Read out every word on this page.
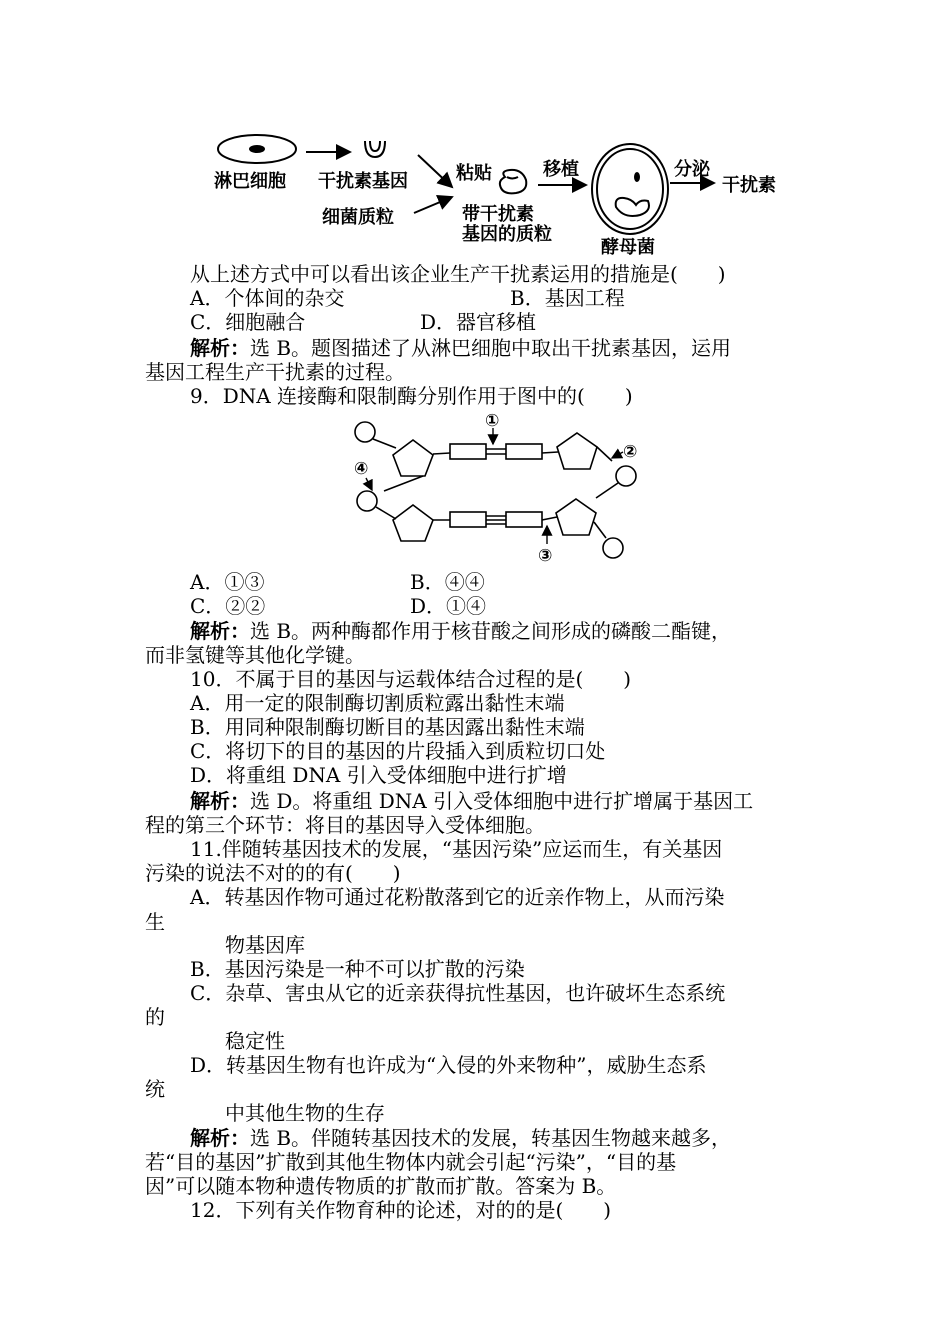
淋巴细胞 干扰素基因
细菌质粒
粘贴
带干扰素
基因的质粒
移植
酵母菌
分泌
干扰素
从上述方式中可以看出该企业生产干扰素运用的措施是(　　)
A．个体间的杂交	B．基因工程
C．细胞融合	D．器官移植
解析：选 B。题图描述了从淋巴细胞中取出干扰素基因，运用
基因工程生产干扰素的过程。
9．DNA 连接酶和限制酶分别作用于图中的(　　)
①
②
③
④
A．①③	B．④④
C．②②	D．①④
解析：选 B。两种酶都作用于核苷酸之间形成的磷酸二酯键，
而非氢键等其他化学键。
10．不属于目的基因与运载体结合过程的是(　　)
A．用一定的限制酶切割质粒露出黏性末端
B．用同种限制酶切断目的基因露出黏性末端
C．将切下的目的基因的片段插入到质粒切口处
D．将重组 DNA 引入受体细胞中进行扩增
解析：选 D。将重组 DNA 引入受体细胞中进行扩增属于基因工
程的第三个环节：将目的基因导入受体细胞。
11.伴随转基因技术的发展，“基因污染”应运而生，有关基因
污染的说法不对的的有(　　)
A．转基因作物可通过花粉散落到它的近亲作物上，从而污染
生
物基因库
B．基因污染是一种不可以扩散的污染
C．杂草、害虫从它的近亲获得抗性基因，也许破坏生态系统
的
稳定性
D．转基因生物有也许成为“入侵的外来物种”，威胁生态系
统
中其他生物的生存
解析：选 B。伴随转基因技术的发展，转基因生物越来越多，
若“目的基因”扩散到其他生物体内就会引起“污染”，“目的基
因”可以随本物种遗传物质的扩散而扩散。答案为 B。
12．下列有关作物育种的论述，对的的是(　　)
